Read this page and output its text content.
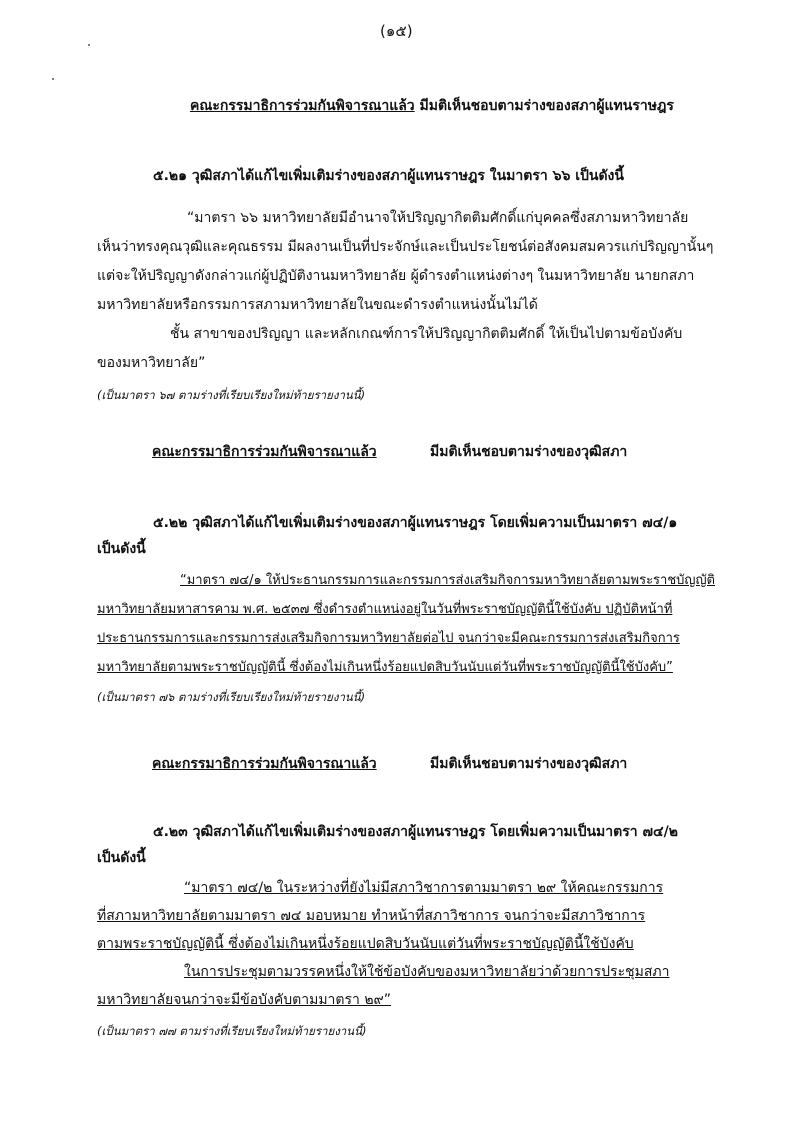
(๑๕)
คณะกรรมาธิการร่วมกันพิจารณาแล้ว มีมติเห็นชอบตามร่างของสภาผู้แทนราษฎร
๕.๒๑ วุฒิสภาได้แก้ไขเพิ่มเติมร่างของสภาผู้แทนราษฎร ในมาตรา ๖๖ เป็นดังนี้
“มาตรา ๖๖ มหาวิทยาลัยมีอำนาจให้ปริญญากิตติมศักดิ์แก่บุคคลซึ่งสภามหาวิทยาลัย
เห็นว่าทรงคุณวุฒิและคุณธรรม มีผลงานเป็นที่ประจักษ์และเป็นประโยชน์ต่อสังคมสมควรแก่ปริญญานั้นๆ
แต่จะให้ปริญญาดังกล่าวแก่ผู้ปฏิบัติงานมหาวิทยาลัย ผู้ดำรงตำแหน่งต่างๆ ในมหาวิทยาลัย นายกสภา
มหาวิทยาลัยหรือกรรมการสภามหาวิทยาลัยในขณะดำรงตำแหน่งนั้นไม่ได้
ชั้น สาขาของปริญญา และหลักเกณฑ์การให้ปริญญากิตติมศักดิ์ ให้เป็นไปตามข้อบังคับ
ของมหาวิทยาลัย”
(เป็นมาตรา ๖๗ ตามร่างที่เรียบเรียงใหม่ท้ายรายงานนี้)
คณะกรรมาธิการร่วมกันพิจารณาแล้ว	มีมติเห็นชอบตามร่างของวุฒิสภา
๕.๒๒ วุฒิสภาได้แก้ไขเพิ่มเติมร่างของสภาผู้แทนราษฎร โดยเพิ่มความเป็นมาตรา ๗๔/๑
เป็นดังนี้
“มาตรา ๗๔/๑ ให้ประธานกรรมการและกรรมการส่งเสริมกิจการมหาวิทยาลัยตามพระราชบัญญัติ
มหาวิทยาลัยมหาสารคาม พ.ศ. ๒๕๓๗ ซึ่งดำรงตำแหน่งอยู่ในวันที่พระราชบัญญัตินี้ใช้บังคับ ปฏิบัติหน้าที่
ประธานกรรมการและกรรมการส่งเสริมกิจการมหาวิทยาลัยต่อไป จนกว่าจะมีคณะกรรมการส่งเสริมกิจการ
มหาวิทยาลัยตามพระราชบัญญัตินี้ ซึ่งต้องไม่เกินหนึ่งร้อยแปดสิบวันนับแต่วันที่พระราชบัญญัตินี้ใช้บังคับ”
(เป็นมาตรา ๗๖ ตามร่างที่เรียบเรียงใหม่ท้ายรายงานนี้)
คณะกรรมาธิการร่วมกันพิจารณาแล้ว	มีมติเห็นชอบตามร่างของวุฒิสภา
๕.๒๓ วุฒิสภาได้แก้ไขเพิ่มเติมร่างของสภาผู้แทนราษฎร โดยเพิ่มความเป็นมาตรา ๗๔/๒
เป็นดังนี้
“มาตรา ๗๔/๒ ในระหว่างที่ยังไม่มีสภาวิชาการตามมาตรา ๒๙ ให้คณะกรรมการ
ที่สภามหาวิทยาลัยตามมาตรา ๗๔ มอบหมาย ทำหน้าที่สภาวิชาการ จนกว่าจะมีสภาวิชาการ
ตามพระราชบัญญัตินี้ ซึ่งต้องไม่เกินหนึ่งร้อยแปดสิบวันนับแต่วันที่พระราชบัญญัตินี้ใช้บังคับ
ในการประชุมตามวรรคหนึ่งให้ใช้ข้อบังคับของมหาวิทยาลัยว่าด้วยการประชุมสภา
มหาวิทยาลัยจนกว่าจะมีข้อบังคับตามมาตรา ๒๙”
(เป็นมาตรา ๗๗ ตามร่างที่เรียบเรียงใหม่ท้ายรายงานนี้)
